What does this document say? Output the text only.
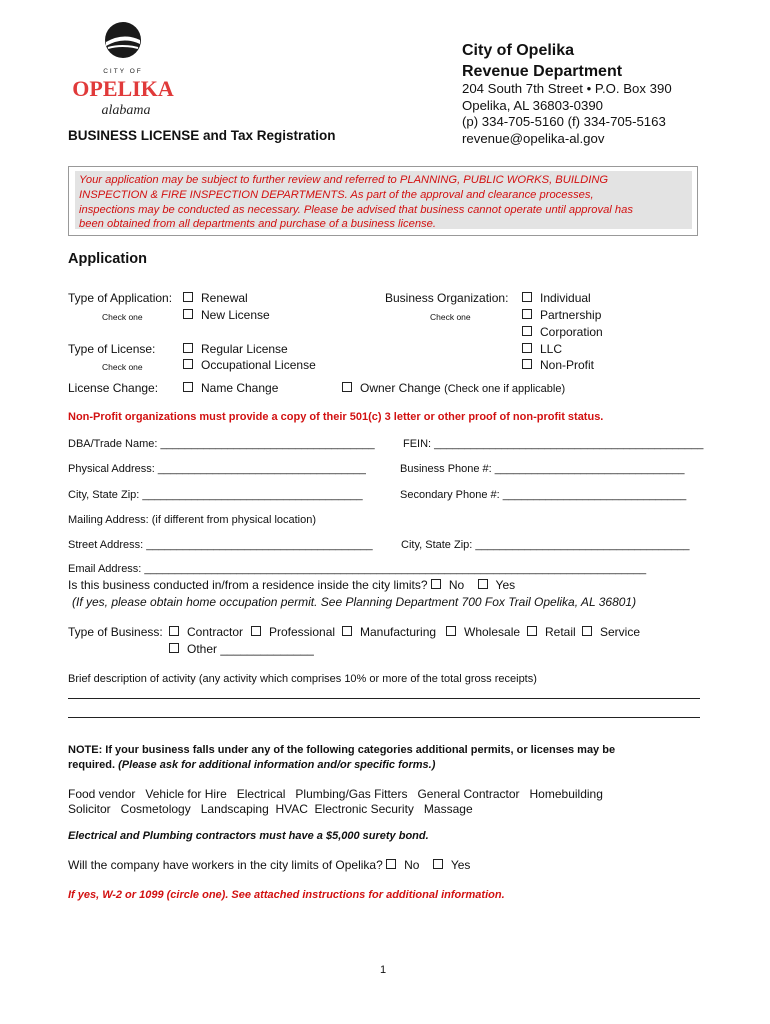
CITY OF
OPELIKA
alabama
City of Opelika
Revenue Department
204 South 7th Street • P.O. Box 390
Opelika, AL 36803-0390
(p) 334-705-5160 (f) 334-705-5163
revenue@opelika-al.gov
BUSINESS LICENSE and Tax Registration
Your application may be subject to further review and referred to PLANNING, PUBLIC WORKS, BUILDING
INSPECTION & FIRE INSPECTION DEPARTMENTS. As part of the approval and clearance processes,
inspections may be conducted as necessary. Please be advised that business cannot operate until approval has
been obtained from all departments and purchase of a business license.
Application
Type of Application:	Renewal
Check one	New License
Type of License:	Regular License
Check one	Occupational License
License Change:	Name Change	Owner Change (Check one if applicable)
Business Organization:
Check one
Individual
Partnership
Corporation
LLC
Non-Profit
Non-Profit organizations must provide a copy of their 501(c) 3 letter or other proof of non-profit status.
DBA/Trade Name: ___________________________________	FEIN: ____________________________________________
Physical Address: __________________________________	Business Phone #: _______________________________
City, State Zip: ____________________________________	Secondary Phone #: ______________________________
Mailing Address: (if different from physical location)
Street Address: _____________________________________	City, State Zip: ___________________________________
Email Address: __________________________________________________________________________________
Is this business conducted in/from a residence inside the city limits? No	Yes
(If yes, please obtain home occupation permit. See Planning Department 700 Fox Trail Opelika, AL 36801)
Type of Business:	Contractor	Professional	Manufacturing	Wholesale	Retail	Service
Other ______________
Brief description of activity (any activity which comprises 10% or more of the total gross receipts)
NOTE: If your business falls under any of the following categories additional permits, or licenses may be
required. (Please ask for additional information and/or specific forms.)
Food vendor   Vehicle for Hire   Electrical   Plumbing/Gas Fitters   General Contractor   Homebuilding
Solicitor   Cosmetology   Landscaping  HVAC  Electronic Security   Massage
Electrical and Plumbing contractors must have a $5,000 surety bond.
Will the company have workers in the city limits of Opelika? No	Yes
If yes, W-2 or 1099 (circle one). See attached instructions for additional information.
1
